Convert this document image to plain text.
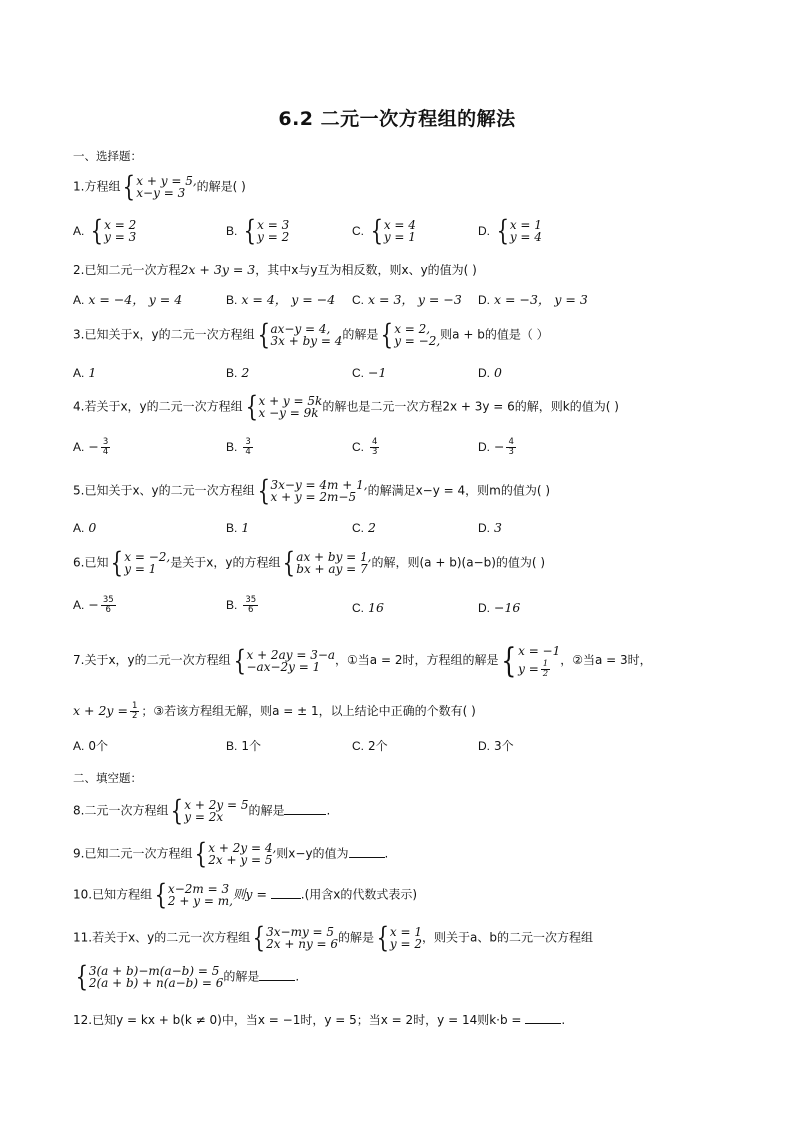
6.2 二元一次方程组的解法
一、选择题：
1.方程组 { x + y = 5,
x−y = 3 的解是( )
A. { x = 2
y = 3	B. { x = 3
y = 2	C. { x = 4
y = 1	D. { x = 1
y = 4
2.已知二元一次方程2x + 3y = 3，其中x与y互为相反数，则x、y的值为( )
A. x = −4， y = 4	B. x = 4， y = −4 C. x = 3， y = −3 D. x = −3， y = 3
3.已知关于x，y的二元一次方程组 { ax−y = 4,
3x + by = 4 的解是 { x = 2,
y = −2, 则a + b的值是（ ）
A. 1	B. 2	C. −1	D. 0
4.若关于x，y的二元一次方程组 { x + y = 5k
x −y = 9k 的解也是二元一次方程2x + 3y = 6的解，则k的值为( )
A. − $\frac{3}{4}$	B. $\frac{3}{4}$	C. $\frac{4}{3}$	D. − $\frac{4}{3}$
5.已知关于x、y的二元一次方程组 { 3x−y = 4m + 1,
x + y = 2m−5 的解满足x−y = 4，则m的值为( )
A. 0	B. 1	C. 2	D. 3
6.已知 { x = −2,
y = 1	是关于x，y的方程组 { ax + by = 1,
bx + ay = 7 的解，则(a + b)(a−b)的值为( )
A. − $\frac{35}{6}$	B. $\frac{35}{6}$	C. 16	D. −16
7.关于x，y的二元一次方程组 { x + 2ay = 3−a
−ax−2y = 1	，①当a = 2时，方程组的解是 { x = −1
$y = \frac{1}{2}$ ，②当a = 3时，
$x + 2y = \frac{1}{2}$ ；③若该方程组无解，则a = ± 1，以上结论中正确的个数有( )
A. 0个	B. 1个	C. 2个	D. 3个
二、填空题：
8.二元一次方程组 { x + 2y = 5
y = 2x	的解是	.
9.已知二元一次方程组 { x + 2y = 4,
2x + y = 5 则x−y的值为	.
10.已知方程组 { x−2m = 3
2 + y = m, 则y =	.(用含x的代数式表示)
11.若关于x、y的二元一次方程组 { 3x−my = 5
2x + ny = 6 的解是 { x = 1
y = 2 ，则关于a、b的二元一次方程组
{ 3(a + b)−m(a−b) = 5
2(a + b) + n(a−b) = 6 的解是	.
12.已知y = kx + b(k ≠ 0)中，当x = −1时，y = 5；当x = 2时，y = 14则k·b =	.
